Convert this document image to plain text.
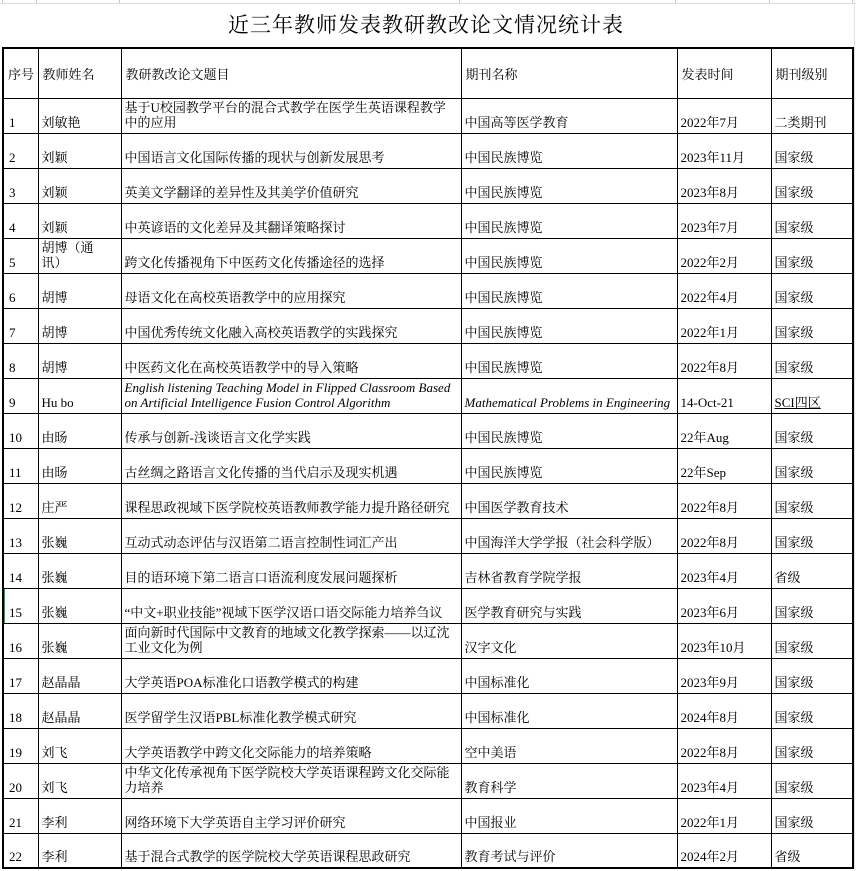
近三年教师发表教研教改论文情况统计表
序号	教师姓名	教研教改论文题目	期刊名称	发表时间	期刊级别
1	刘敏艳	基于U校园教学平台的混合式教学在医学生英语课程教学中的应用	中国高等医学教育	2022年7月	二类期刊
2	刘颖	中国语言文化国际传播的现状与创新发展思考	中国民族博览	2023年11月	国家级
3	刘颖	英美文学翻译的差异性及其美学价值研究	中国民族博览	2023年8月	国家级
4	刘颖	中英谚语的文化差异及其翻译策略探讨	中国民族博览	2023年7月	国家级
5	胡博（通讯）	跨文化传播视角下中医药文化传播途径的选择	中国民族博览	2022年2月	国家级
6	胡博	母语文化在高校英语教学中的应用探究	中国民族博览	2022年4月	国家级
7	胡博	中国优秀传统文化融入高校英语教学的实践探究	中国民族博览	2022年1月	国家级
8	胡博	中医药文化在高校英语教学中的导入策略	中国民族博览	2022年8月	国家级
9	Hu bo	English listening Teaching Model in Flipped Classroom Based on Artificial Intelligence Fusion Control Algorithm	Mathematical Problems in Engineering	14-Oct-21	SCI四区
10	由旸	传承与创新-浅谈语言文化学实践	中国民族博览	22年Aug	国家级
11	由旸	古丝绸之路语言文化传播的当代启示及现实机遇	中国民族博览	22年Sep	国家级
12	庄严	课程思政视域下医学院校英语教师教学能力提升路径研究	中国医学教育技术	2022年8月	国家级
13	张巍	互动式动态评估与汉语第二语言控制性词汇产出	中国海洋大学学报（社会科学版）	2022年8月	国家级
14	张巍	目的语环境下第二语言口语流利度发展问题探析	吉林省教育学院学报	2023年4月	省级
15	张巍	“中文+职业技能”视域下医学汉语口语交际能力培养刍议	医学教育研究与实践	2023年6月	国家级
16	张巍	面向新时代国际中文教育的地域文化教学探索——以辽沈工业文化为例	汉字文化	2023年10月	国家级
17	赵晶晶	大学英语POA标准化口语教学模式的构建	中国标准化	2023年9月	国家级
18	赵晶晶	医学留学生汉语PBL标准化教学模式研究	中国标准化	2024年8月	国家级
19	刘飞	大学英语教学中跨文化交际能力的培养策略	空中美语	2022年8月	国家级
20	刘飞	中华文化传承视角下医学院校大学英语课程跨文化交际能力培养	教育科学	2023年4月	国家级
21	李利	网络环境下大学英语自主学习评价研究	中国报业	2022年1月	国家级
22	李利	基于混合式教学的医学院校大学英语课程思政研究	教育考试与评价	2024年2月	省级
